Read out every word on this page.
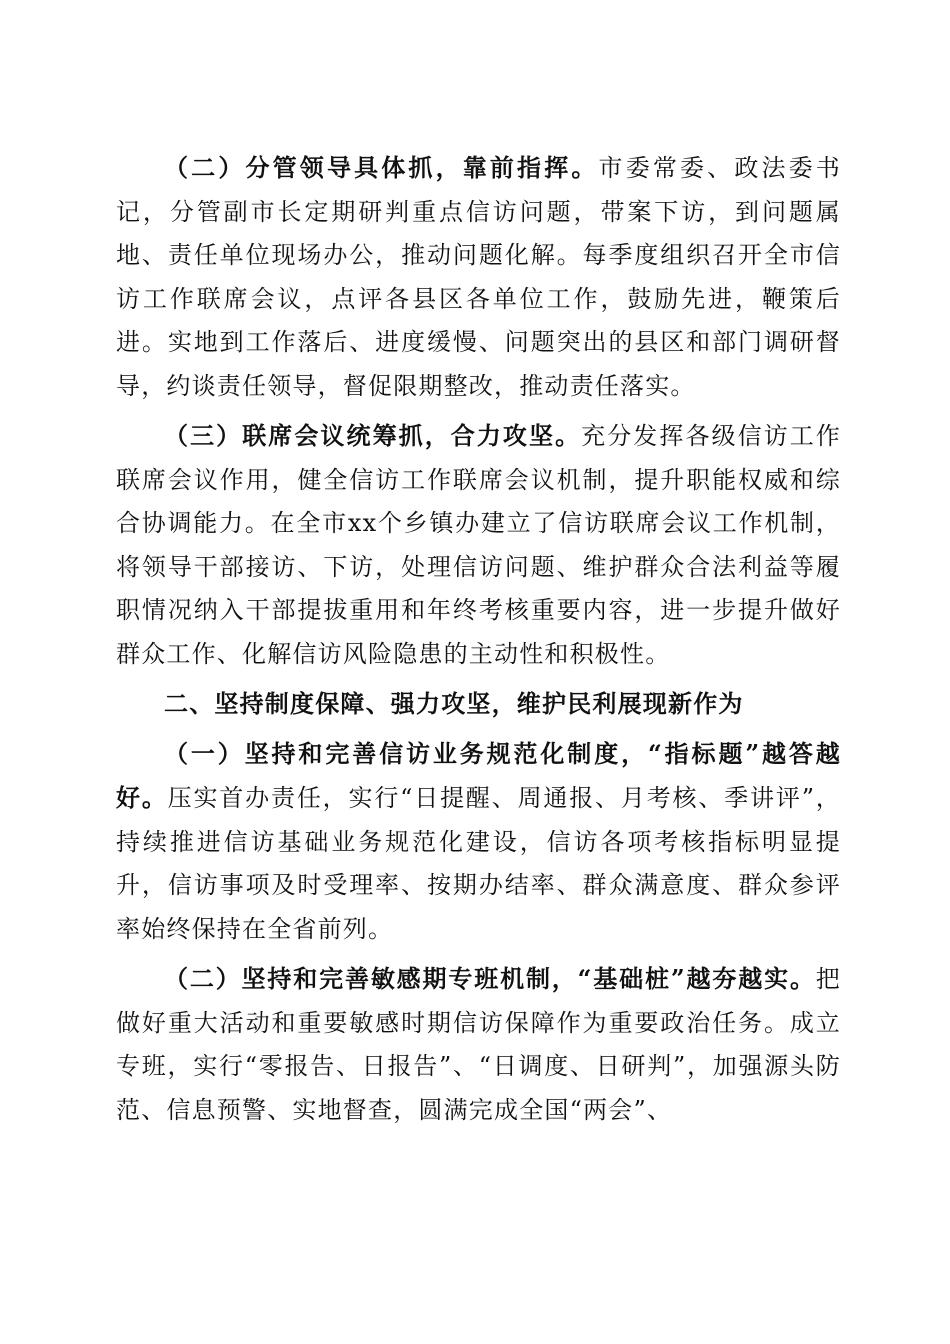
（二）分管领导具体抓，靠前指挥。市委常委、政法委书记，分管副市长定期研判重点信访问题，带案下访，到问题属地、责任单位现场办公，推动问题化解。每季度组织召开全市信访工作联席会议，点评各县区各单位工作，鼓励先进，鞭策后进。实地到工作落后、进度缓慢、问题突出的县区和部门调研督导，约谈责任领导，督促限期整改，推动责任落实。

（三）联席会议统筹抓，合力攻坚。充分发挥各级信访工作联席会议作用，健全信访工作联席会议机制，提升职能权威和综合协调能力。在全市xx个乡镇办建立了信访联席会议工作机制，将领导干部接访、下访，处理信访问题、维护群众合法利益等履职情况纳入干部提拔重用和年终考核重要内容，进一步提升做好群众工作、化解信访风险隐患的主动性和积极性。

二、坚持制度保障、强力攻坚，维护民利展现新作为

（一）坚持和完善信访业务规范化制度，“指标题”越答越好。压实首办责任，实行“日提醒、周通报、月考核、季讲评”，持续推进信访基础业务规范化建设，信访各项考核指标明显提升，信访事项及时受理率、按期办结率、群众满意度、群众参评率始终保持在全省前列。

（二）坚持和完善敏感期专班机制，“基础桩”越夯越实。把做好重大活动和重要敏感时期信访保障作为重要政治任务。成立专班，实行“零报告、日报告”、“日调度、日研判”，加强源头防范、信息预警、实地督查，圆满完成全国“两会”、
